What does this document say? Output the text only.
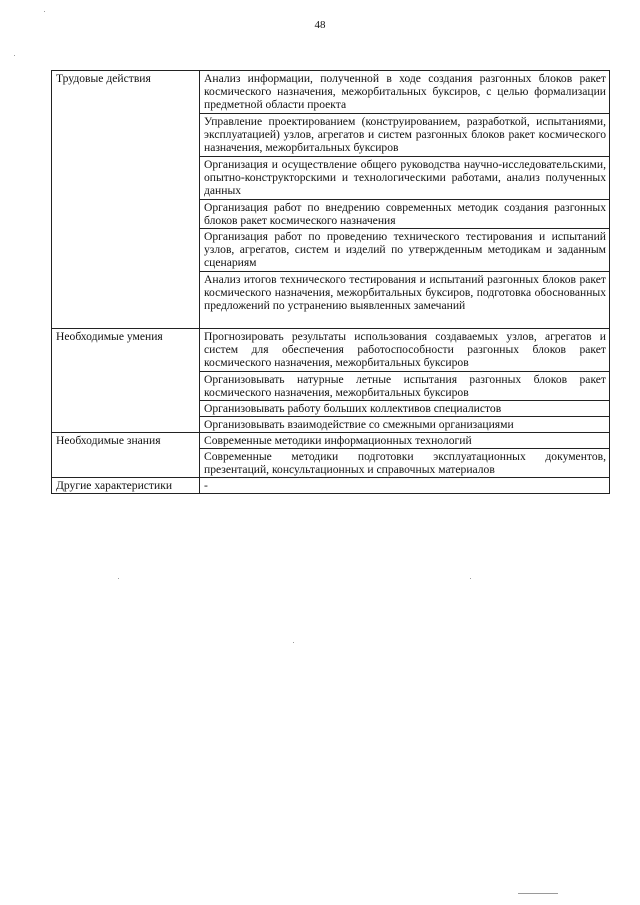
48
Трудовые действия	Анализ информации, полученной в ходе создания разгонных блоков ракет космического назначения, межорбитальных буксиров, с целью формализации предметной области проекта

	Управление проектированием (конструированием, разработкой, испытаниями, эксплуатацией) узлов, агрегатов и систем разгонных блоков ракет космического назначения, межорбитальных буксиров

	Организация и осуществление общего руководства научно-исследовательскими, опытно-конструкторскими и технологическими работами, анализ полученных данных

	Организация работ по внедрению современных методик создания разгонных блоков ракет космического назначения

	Организация работ по проведению технического тестирования и испытаний узлов, агрегатов, систем и изделий по утвержденным методикам и заданным сценариям

	Анализ итогов технического тестирования и испытаний разгонных блоков ракет космического назначения, межорбитальных буксиров, подготовка обоснованных предложений по устранению выявленных замечаний

Необходимые умения	Прогнозировать результаты использования создаваемых узлов, агрегатов и систем для обеспечения работоспособности разгонных блоков ракет космического назначения, межорбитальных буксиров

	Организовывать натурные летные испытания разгонных блоков ракет космического назначения, межорбитальных буксиров

	Организовывать работу больших коллективов специалистов

	Организовывать взаимодействие со смежными организациями

Необходимые знания	Современные методики информационных технологий

	Современные методики подготовки эксплуатационных документов, презентаций, консультационных и справочных материалов

Другие характеристики	-
